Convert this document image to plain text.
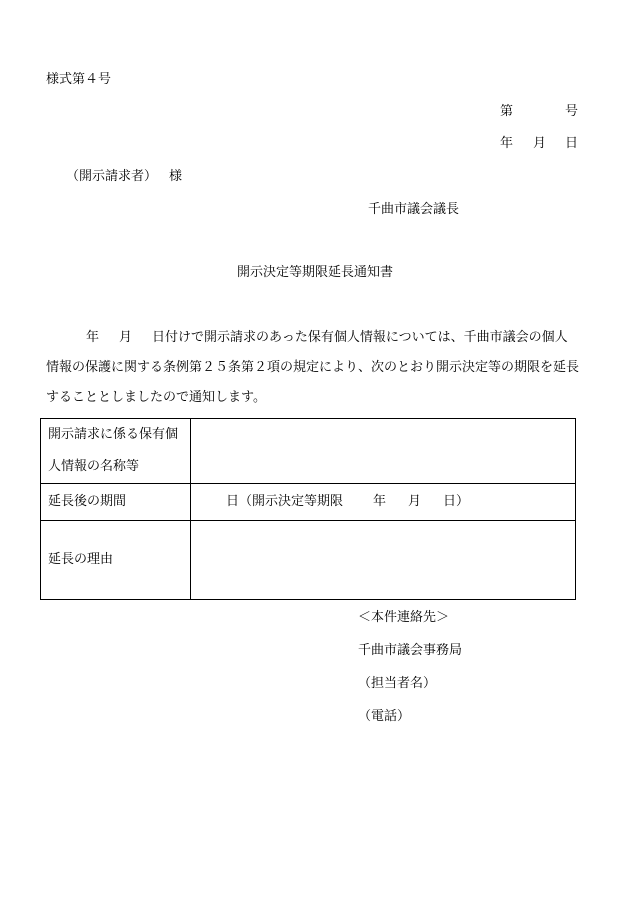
様式第４号
第	号

年 月 日

（開示請求者） 様
千曲市議会議長
開示決定等期限延長通知書
年 月 日付けで開示請求のあった保有個人情報については、千曲市議会の個人
情報の保護に関する条例第２５条第２項の規定により、次のとおり開示決定等の期限を延長
することとしましたので通知します。
開示請求に係る保有個
人情報の名称等	

延長後の期間	日（開示決定等期限 年 月 日）
延長の理由	
＜本件連絡先＞
千曲市議会事務局
（担当者名）
（電話）
